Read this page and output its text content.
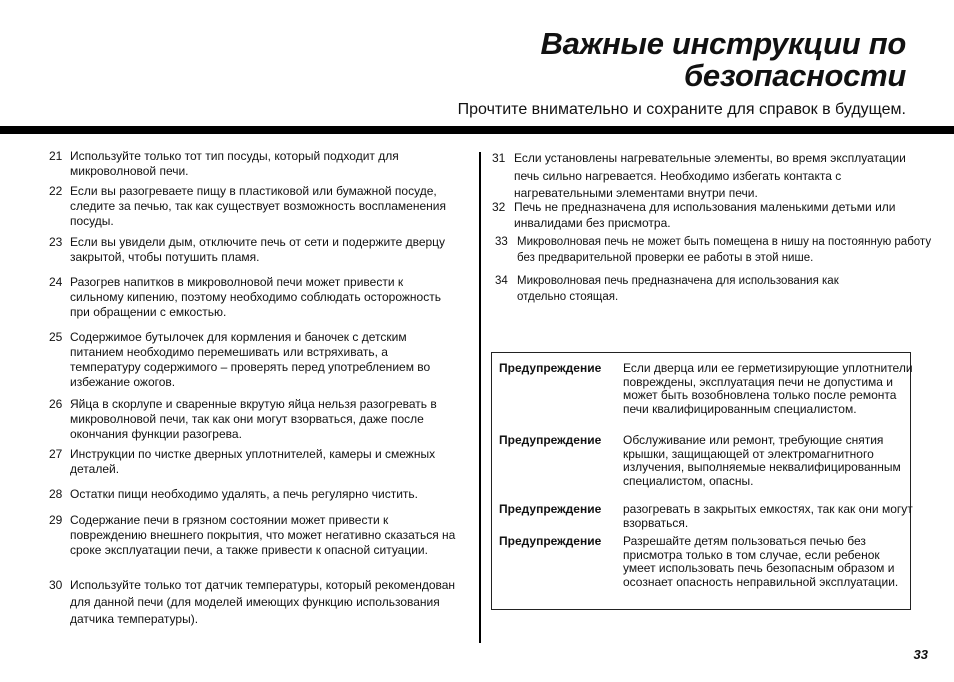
Важные инструкции по
безопасности
Прочтите внимательно и сохраните для справок в будущем.
21 Используйте только тот тип посуды, который подходит для микроволновой печи.
22 Если вы разогреваете пищу в пластиковой или бумажной посуде, следите за печью, так как существует возможность воспламенения посуды.
23 Если вы увидели дым, отключите печь от сети и подержите дверцу закрытой, чтобы потушить пламя.
24 Разогрев напитков в микроволновой печи может привести к сильному кипению, поэтому необходимо соблюдать осторожность при обращении с емкостью.
25 Содержимое бутылочек для кормления и баночек с детским питанием необходимо перемешивать или встряхивать, а температуру содержимого – проверять перед употреблением во избежание ожогов.
26 Яйца в скорлупе и сваренные вкрутую яйца нельзя разогревать в микроволновой печи, так как они могут взорваться, даже после окончания функции разогрева.
27 Инструкции по чистке дверных уплотнителей, камеры и смежных деталей.
28 Остатки пищи необходимо удалять, а печь регулярно чистить.
29 Содержание печи в грязном состоянии может привести к повреждению внешнего покрытия, что может негативно сказаться на сроке эксплуатации печи, а также привести к опасной ситуации.
30 Используйте только тот датчик температуры, который рекомендован для данной печи (для моделей имеющих функцию использования датчика температуры).
31 Если установлены нагревательные элементы, во время эксплуатации печь сильно нагревается. Необходимо избегать контакта с нагревательными элементами внутри печи.
32 Печь не предназначена для использования маленькими детьми или инвалидами без присмотра.
33 Микроволновая печь не может быть помещена в нишу на постоянную работу без предварительной проверки ее работы в этой нише.
34 Микроволновая печь предназначена для использования как отдельно стоящая.
Предупреждение	Если дверца или ее герметизирующие уплотнители повреждены, эксплуатация печи не допустима и может быть возобновлена только после ремонта печи квалифицированным специалистом.
Предупреждение	Обслуживание или ремонт, требующие снятия крышки, защищающей от электромагнитного излучения, выполняемые неквалифицированным специалистом, опасны.
Предупреждение	разогревать в закрытых емкостях, так как они могут взорваться.
Предупреждение	Разрешайте детям пользоваться печью без присмотра только в том случае, если ребенок умеет использовать печь безопасным образом и осознает опасность неправильной эксплуатации.
33
